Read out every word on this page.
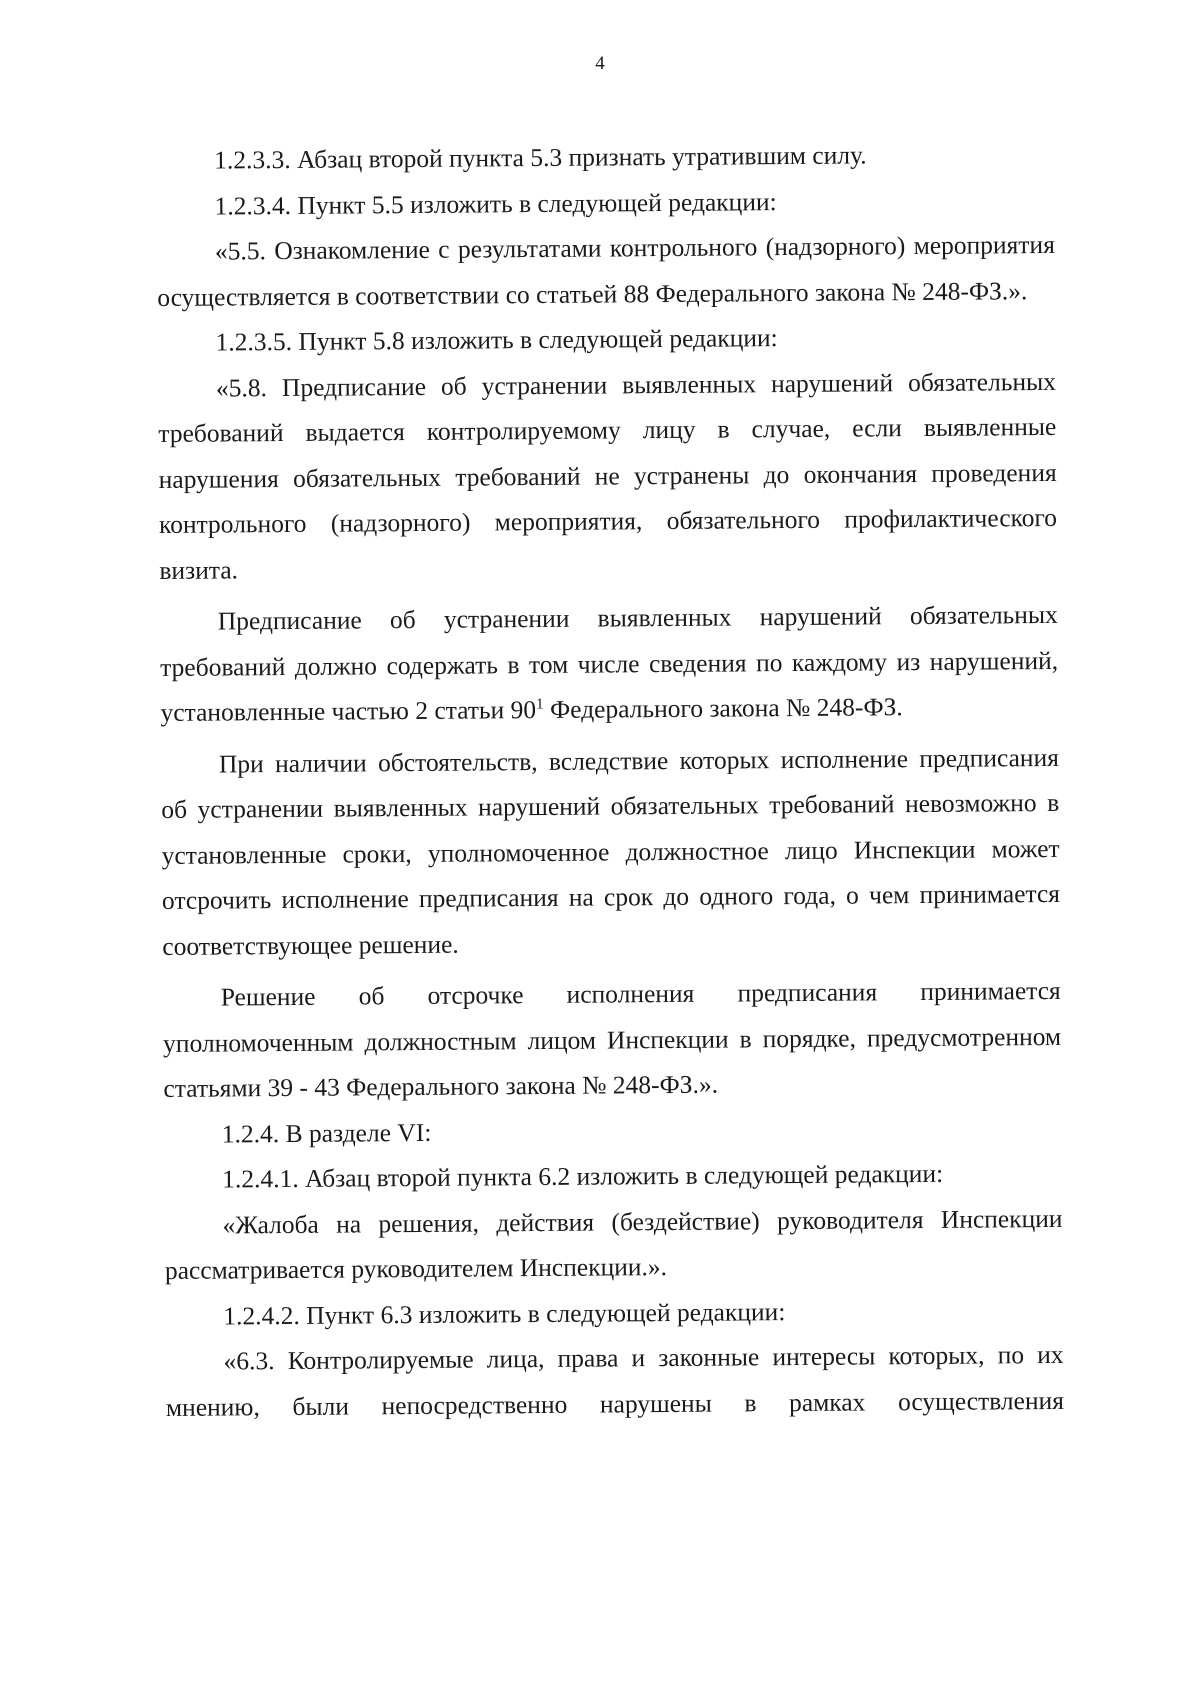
4

1.2.3.3. Абзац второй пункта 5.3 признать утратившим силу.

1.2.3.4. Пункт 5.5 изложить в следующей редакции:

«5.5. Ознакомление с результатами контрольного (надзорного) мероприятия осуществляется в соответствии со статьей 88 Федерального закона № 248-ФЗ.».

1.2.3.5. Пункт 5.8 изложить в следующей редакции:

«5.8. Предписание об устранении выявленных нарушений обязательных требований выдается контролируемому лицу в случае, если выявленные нарушения обязательных требований не устранены до окончания проведения контрольного (надзорного) мероприятия, обязательного профилактического визита.

Предписание об устранении выявленных нарушений обязательных требований должно содержать в том числе сведения по каждому из нарушений, установленные частью 2 статьи $90^1$ Федерального закона № 248-ФЗ.

При наличии обстоятельств, вследствие которых исполнение предписания об устранении выявленных нарушений обязательных требований невозможно в установленные сроки, уполномоченное должностное лицо Инспекции может отсрочить исполнение предписания на срок до одного года, о чем принимается соответствующее решение.

Решение об отсрочке исполнения предписания принимается уполномоченным должностным лицом Инспекции в порядке, предусмотренном статьями 39 - 43 Федерального закона № 248-ФЗ.».

1.2.4. В разделе VI:

1.2.4.1. Абзац второй пункта 6.2 изложить в следующей редакции:

«Жалоба на решения, действия (бездействие) руководителя Инспекции рассматривается руководителем Инспекции.».

1.2.4.2. Пункт 6.3 изложить в следующей редакции:

«6.3. Контролируемые лица, права и законные интересы которых, по их мнению, были непосредственно нарушены в рамках осуществления
